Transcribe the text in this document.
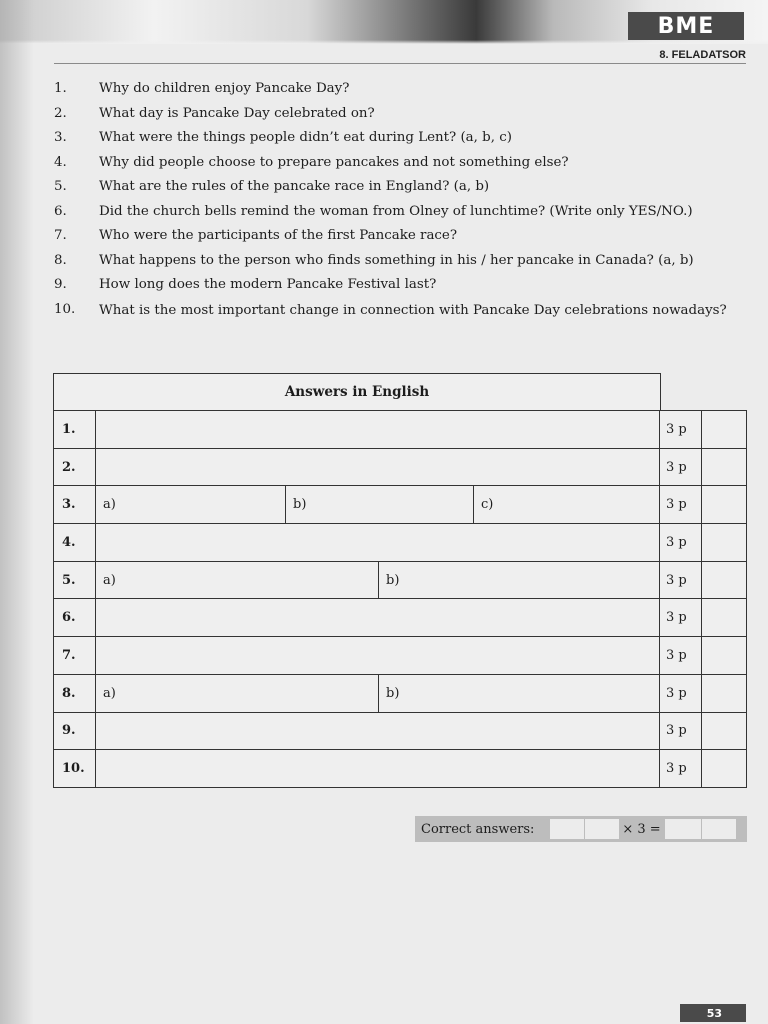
BME
8. FELADATSOR
1.	Why do children enjoy Pancake Day?
2.	What day is Pancake Day celebrated on?
3.	What were the things people didn’t eat during Lent? (a, b, c)
4.	Why did people choose to prepare pancakes and not something else?
5.	What are the rules of the pancake race in England? (a, b)
6.	Did the church bells remind the woman from Olney of lunchtime? (Write only YES/NO.)
7.	Who were the participants of the first Pancake race?
8.	What happens to the person who finds something in his / her pancake in Canada? (a, b)
9.	How long does the modern Pancake Festival last?
10.	What is the most important change in connection with Pancake Day celebrations nowadays?
Answers in English
1.	3 p
2.	3 p
3.	a)	b)	c)	3 p
4.	3 p
5.	a)	b)	3 p
6.	3 p
7.	3 p
8.	a)	b)	3 p
9.	3 p
10.	3 p
Correct answers:	× 3 =
53
